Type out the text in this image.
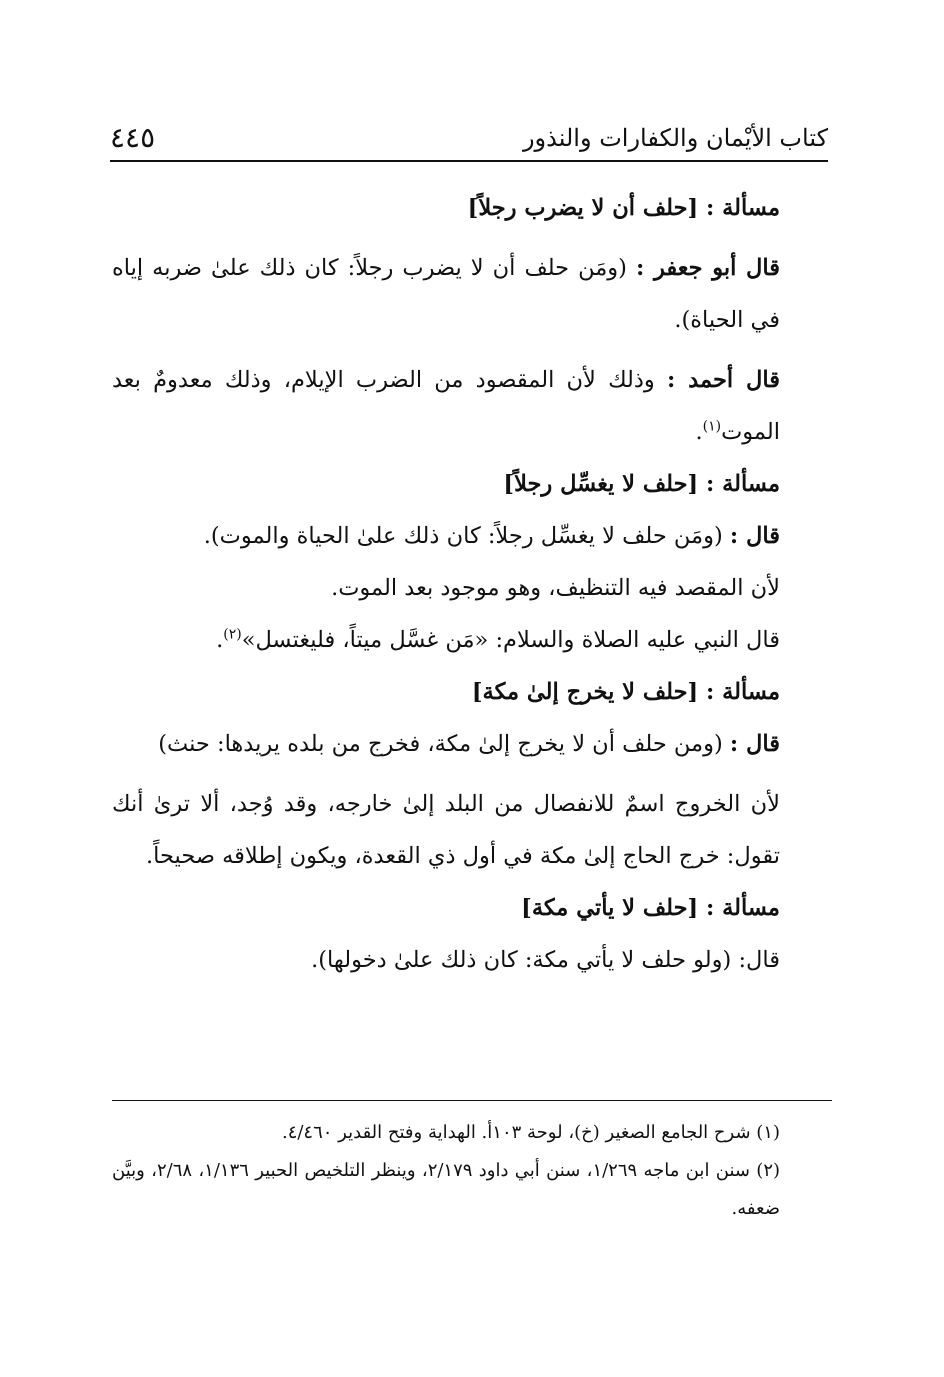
كتاب الأيْمان والكفارات والنذور
٤٤٥

مسألة : [حلف أن لا يضرب رجلاً]

قال أبو جعفر : (ومَن حلف أن لا يضرب رجلاً: كان ذلك علىٰ ضربه إياه في الحياة).

قال أحمد : وذلك لأن المقصود من الضرب الإيلام، وذلك معدومٌ بعد الموت$^{(١)}$.

مسألة : [حلف لا يغسِّل رجلاً]

قال : (ومَن حلف لا يغسِّل رجلاً: كان ذلك علىٰ الحياة والموت).

لأن المقصد فيه التنظيف، وهو موجود بعد الموت.

قال النبي عليه الصلاة والسلام: «مَن غسَّل ميتاً، فليغتسل»$^{(٢)}$.

مسألة : [حلف لا يخرج إلىٰ مكة]

قال : (ومن حلف أن لا يخرج إلىٰ مكة، فخرج من بلده يريدها: حنث)

لأن الخروج اسمٌ للانفصال من البلد إلىٰ خارجه، وقد وُجد، ألا ترىٰ أنك تقول: خرج الحاج إلىٰ مكة في أول ذي القعدة، ويكون إطلاقه صحيحاً.

مسألة : [حلف لا يأتي مكة]

قال: (ولو حلف لا يأتي مكة: كان ذلك علىٰ دخولها).

(١) شرح الجامع الصغير (خ)، لوحة ١٠٣أ. الهداية وفتح القدير ٤/٤٦٠.

(٢) سنن ابن ماجه ١/٢٦٩، سنن أبي داود ٢/١٧٩، وينظر التلخيص الحبير ١/١٣٦، ٢/٦٨، وبيَّن ضعفه.
